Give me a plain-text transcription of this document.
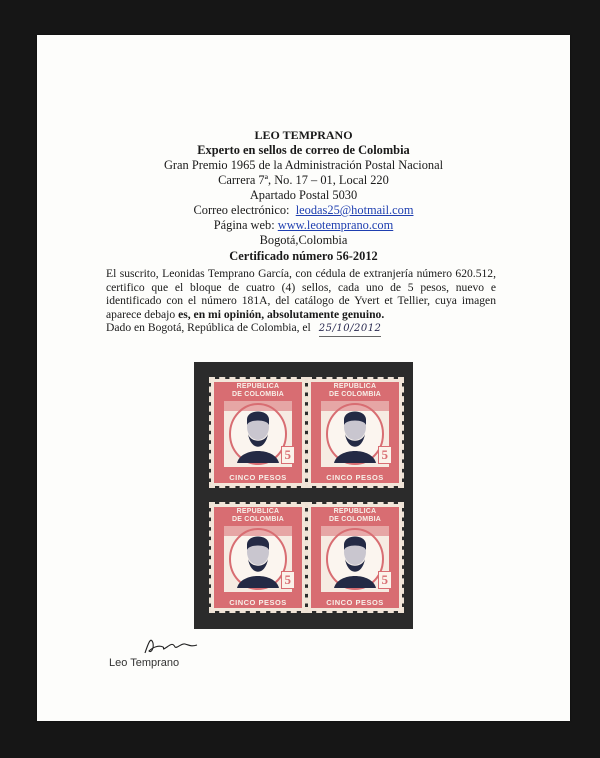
LEO TEMPRANO
Experto en sellos de correo de Colombia
Gran Premio 1965 de la Administración Postal Nacional
Carrera 7ª, No. 17 – 01, Local 220
Apartado Postal 5030
Correo electrónico: leodas25@hotmail.com
Página web: www.leotemprano.com
Bogotá,Colombia
Certificado número 56-2012

El suscrito, Leonidas Temprano García, con cédula de extranjería número 620.512, certifico que el bloque de cuatro (4) sellos, cada uno de 5 pesos, nuevo e identificado con el número 181A, del catálogo de Yvert et Tellier, cuya imagen aparece debajo es, en mi opinión, absolutamente genuino.

Dado en Bogotá, República de Colombia, el 25/10/2012

REPUBLICA
DE COLOMBIA
5
CINCO PESOS
REPUBLICA
DE COLOMBIA
5
CINCO PESOS
REPUBLICA
DE COLOMBIA
5
CINCO PESOS
REPUBLICA
DE COLOMBIA
5
CINCO PESOS
Leo Temprano
